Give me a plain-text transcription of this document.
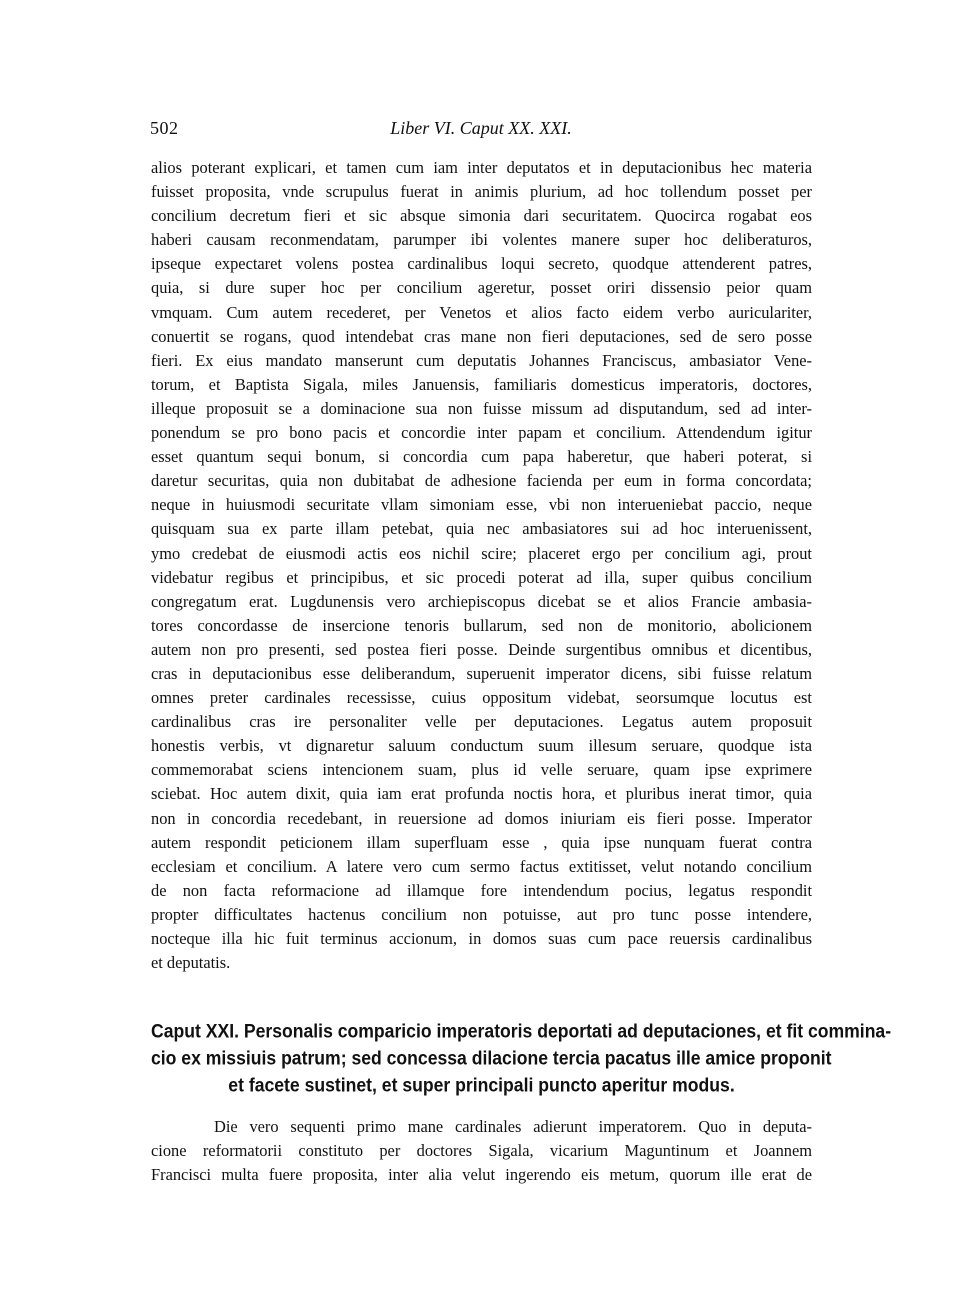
502	Liber VI. Caput XX. XXI.
alios poterant explicari, et tamen cum iam inter deputatos et in deputacionibus hec materia
fuisset proposita, vnde scrupulus fuerat in animis plurium, ad hoc tollendum posset per
concilium decretum fieri et sic absque simonia dari securitatem. Quocirca rogabat eos
haberi causam reconmendatam, parumper ibi volentes manere super hoc deliberaturos,
ipseque expectaret volens postea cardinalibus loqui secreto, quodque attenderent patres,
quia, si dure super hoc per concilium ageretur, posset oriri dissensio peior quam
vmquam. Cum autem recederet, per Venetos et alios facto eidem verbo auriculariter,
conuertit se rogans, quod intendebat cras mane non fieri deputaciones, sed de sero posse
fieri. Ex eius mandato manserunt cum deputatis Johannes Franciscus, ambasiator Vene-
torum, et Baptista Sigala, miles Januensis, familiaris domesticus imperatoris, doctores,
illeque proposuit se a dominacione sua non fuisse missum ad disputandum, sed ad inter-
ponendum se pro bono pacis et concordie inter papam et concilium. Attendendum igitur
esset quantum sequi bonum, si concordia cum papa haberetur, que haberi poterat, si
daretur securitas, quia non dubitabat de adhesione facienda per eum in forma concordata;
neque in huiusmodi securitate vllam simoniam esse, vbi non interueniebat paccio, neque
quisquam sua ex parte illam petebat, quia nec ambasiatores sui ad hoc interuenissent,
ymo credebat de eiusmodi actis eos nichil scire; placeret ergo per concilium agi, prout
videbatur regibus et principibus, et sic procedi poterat ad illa, super quibus concilium
congregatum erat. Lugdunensis vero archiepiscopus dicebat se et alios Francie ambasia-
tores concordasse de insercione tenoris bullarum, sed non de monitorio, abolicionem
autem non pro presenti, sed postea fieri posse. Deinde surgentibus omnibus et dicentibus,
cras in deputacionibus esse deliberandum, superuenit imperator dicens, sibi fuisse relatum
omnes preter cardinales recessisse, cuius oppositum videbat, seorsumque locutus est
cardinalibus cras ire personaliter velle per deputaciones. Legatus autem proposuit
honestis verbis, vt dignaretur saluum conductum suum illesum seruare, quodque ista
commemorabat sciens intencionem suam, plus id velle seruare, quam ipse exprimere
sciebat. Hoc autem dixit, quia iam erat profunda noctis hora, et pluribus inerat timor, quia
non in concordia recedebant, in reuersione ad domos iniuriam eis fieri posse. Imperator
autem respondit peticionem illam superfluam esse , quia ipse nunquam fuerat contra
ecclesiam et concilium. A latere vero cum sermo factus extitisset, velut notando concilium
de non facta reformacione ad illamque fore intendendum pocius, legatus respondit
propter difficultates hactenus concilium non potuisse, aut pro tunc posse intendere,
nocteque illa hic fuit terminus accionum, in domos suas cum pace reuersis cardinalibus
et deputatis.
Caput XXI. Personalis comparicio imperatoris deportati ad deputaciones, et fit commina-
cio ex missiuis patrum; sed concessa dilacione tercia pacatus ille amice proponit
et facete sustinet, et super principali puncto aperitur modus.
Die vero sequenti primo mane cardinales adierunt imperatorem. Quo in deputa-
cione reformatorii constituto per doctores Sigala, vicarium Maguntinum et Joannem
Francisci multa fuere proposita, inter alia velut ingerendo eis metum, quorum ille erat de
